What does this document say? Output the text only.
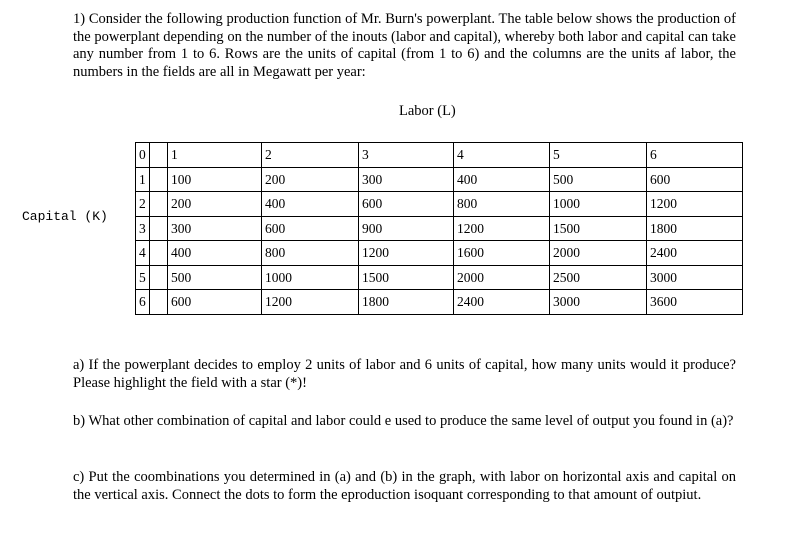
1) Consider the following production function of Mr. Burn's powerplant. The table below shows the production of the powerplant depending on the number of the inouts (labor and capital), whereby both labor and capital can take any number from 1 to 6. Rows are the units of capital (from 1 to 6) and the columns are the units af labor, the numbers in the fields are all in Megawatt per year:

Labor (L)
Capital (K)
0	1	2	3	4	5	6

1	100	200	300	400	500	600

2	200	400	600	800	1000	1200

3	300	600	900	1200	1500	1800

4	400	800	1200	1600	2000	2400

5	500	1000	1500	2000	2500	3000

6	600	1200	1800	2400	3000	3600

a) If the powerplant decides to employ 2 units of labor and 6 units of capital, how many units would it produce? Please highlight the field with a star (*)!

b) What other combination of capital and labor could e used to produce the same level of output you found in (a)?

c) Put the coombinations you determined in (a) and (b) in the graph, with labor on horizontal axis and capital on the vertical axis. Connect the dots to form the eproduction isoquant corresponding to that amount of outpiut.
